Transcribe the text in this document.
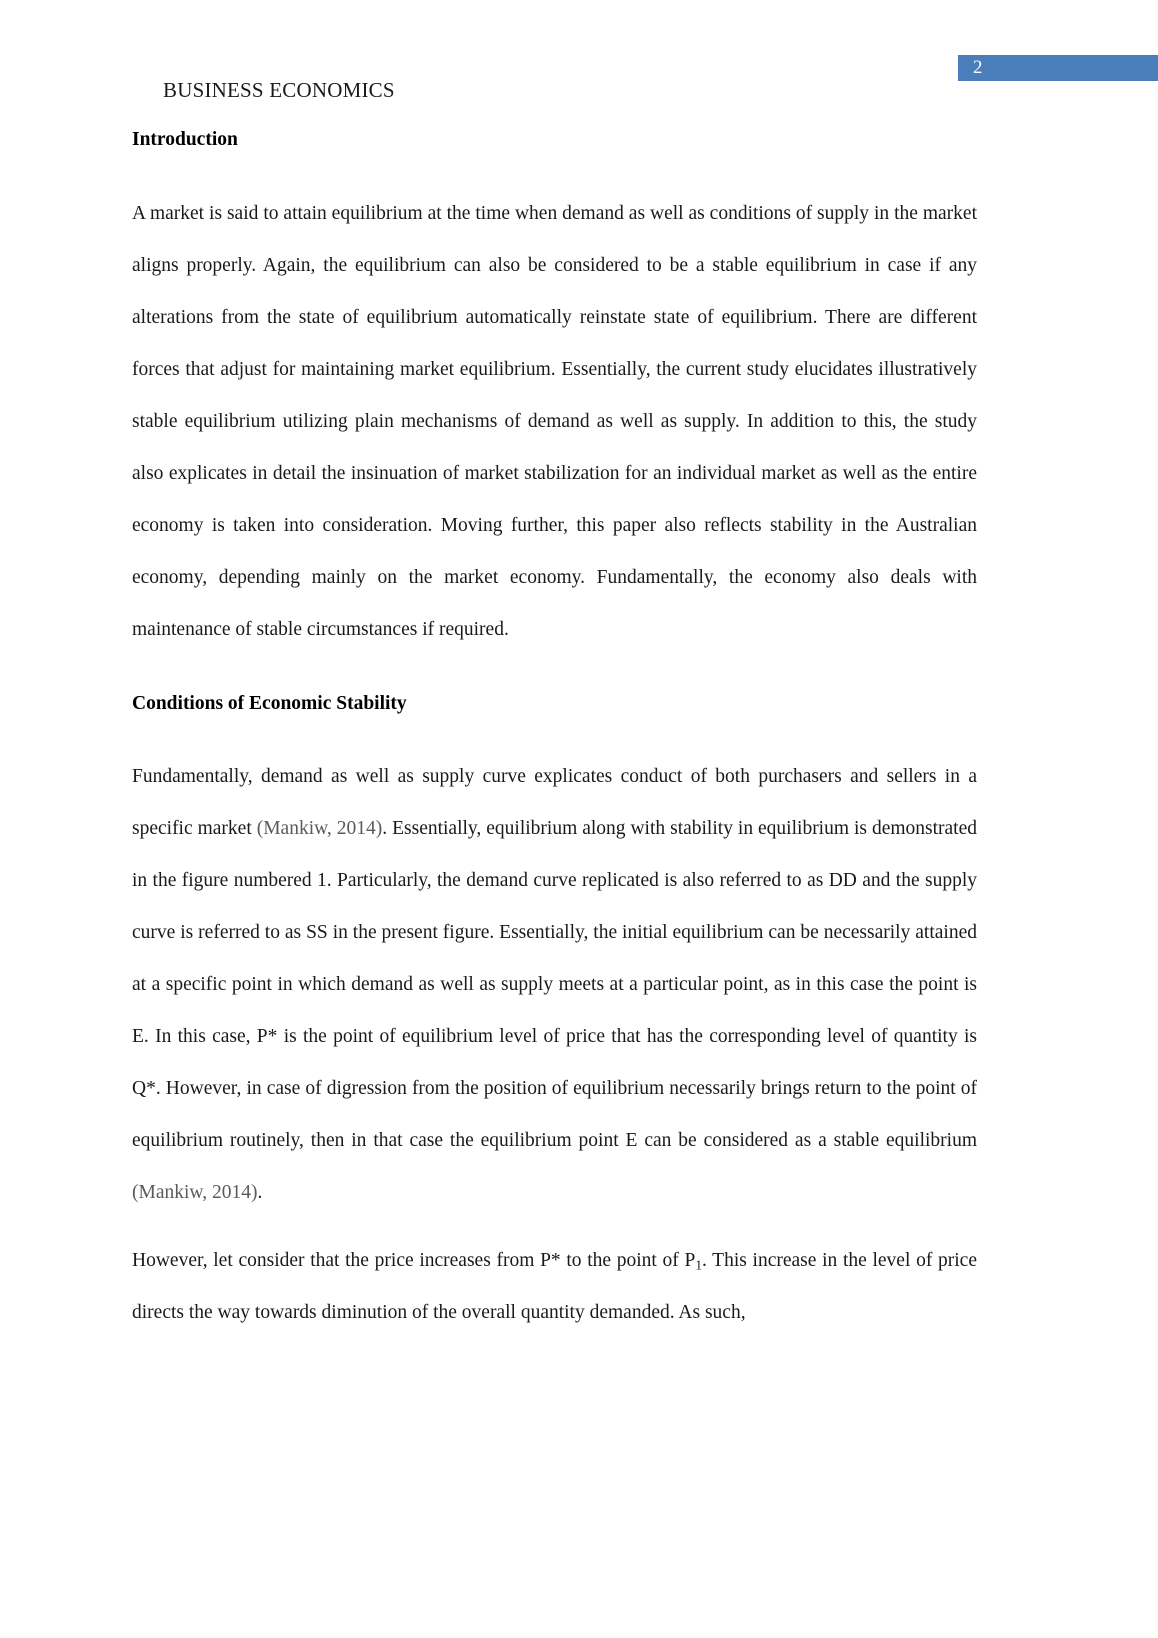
2
BUSINESS ECONOMICS
Introduction

A market is said to attain equilibrium at the time when demand as well as conditions of supply in the market aligns properly. Again, the equilibrium can also be considered to be a stable equilibrium in case if any alterations from the state of equilibrium automatically reinstate state of equilibrium. There are different forces that adjust for maintaining market equilibrium. Essentially, the current study elucidates illustratively stable equilibrium utilizing plain mechanisms of demand as well as supply. In addition to this, the study also explicates in detail the insinuation of market stabilization for an individual market as well as the entire economy is taken into consideration. Moving further, this paper also reflects stability in the Australian economy, depending mainly on the market economy. Fundamentally, the economy also deals with maintenance of stable circumstances if required.

Conditions of Economic Stability

Fundamentally, demand as well as supply curve explicates conduct of both purchasers and sellers in a specific market (Mankiw, 2014). Essentially, equilibrium along with stability in equilibrium is demonstrated in the figure numbered 1. Particularly, the demand curve replicated is also referred to as DD and the supply curve is referred to as SS in the present figure. Essentially, the initial equilibrium can be necessarily attained at a specific point in which demand as well as supply meets at a particular point, as in this case the point is E. In this case, P* is the point of equilibrium level of price that has the corresponding level of quantity is Q*. However, in case of digression from the position of equilibrium necessarily brings return to the point of equilibrium routinely, then in that case the equilibrium point E can be considered as a stable equilibrium (Mankiw, 2014).

However, let consider that the price increases from P* to the point of $P_1$. This increase in the level of price directs the way towards diminution of the overall quantity demanded. As such,
